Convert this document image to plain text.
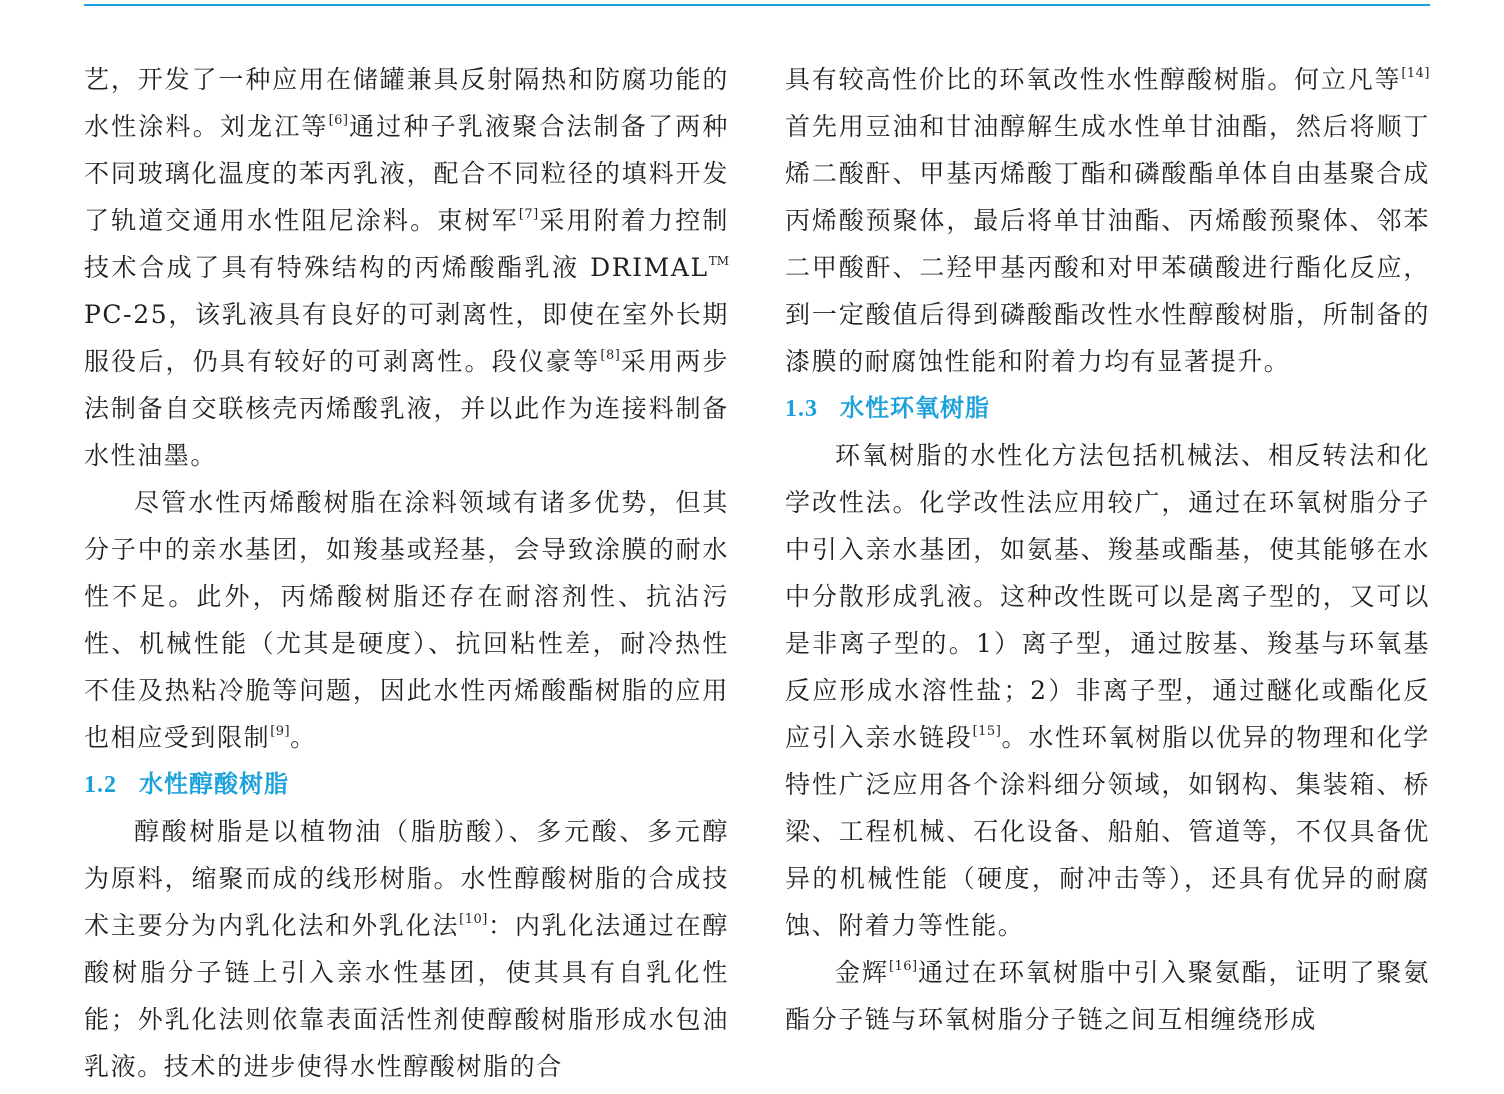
艺，开发了一种应用在储罐兼具反射隔热和防腐功能的水性涂料。刘龙江等[6]通过种子乳液聚合法制备了两种不同玻璃化温度的苯丙乳液，配合不同粒径的填料开发了轨道交通用水性阻尼涂料。束树军[7]采用附着力控制技术合成了具有特殊结构的丙烯酸酯乳液 DRIMAL™ PC-25，该乳液具有良好的可剥离性，即使在室外长期服役后，仍具有较好的可剥离性。段仪豪等[8]采用两步法制备自交联核壳丙烯酸乳液，并以此作为连接料制备水性油墨。

尽管水性丙烯酸树脂在涂料领域有诸多优势，但其分子中的亲水基团，如羧基或羟基，会导致涂膜的耐水性不足。此外，丙烯酸树脂还存在耐溶剂性、抗沾污性、机械性能（尤其是硬度）、抗回粘性差，耐冷热性不佳及热粘冷脆等问题，因此水性丙烯酸酯树脂的应用也相应受到限制[9]。

1.2 水性醇酸树脂

醇酸树脂是以植物油（脂肪酸）、多元酸、多元醇为原料，缩聚而成的线形树脂。水性醇酸树脂的合成技术主要分为内乳化法和外乳化法[10]：内乳化法通过在醇酸树脂分子链上引入亲水性基团，使其具有自乳化性能；外乳化法则依靠表面活性剂使醇酸树脂形成水包油乳液。技术的进步使得水性醇酸树脂的合

具有较高性价比的环氧改性水性醇酸树脂。何立凡等[14]首先用豆油和甘油醇解生成水性单甘油酯，然后将顺丁烯二酸酐、甲基丙烯酸丁酯和磷酸酯单体自由基聚合成丙烯酸预聚体，最后将单甘油酯、丙烯酸预聚体、邻苯二甲酸酐、二羟甲基丙酸和对甲苯磺酸进行酯化反应，到一定酸值后得到磷酸酯改性水性醇酸树脂，所制备的漆膜的耐腐蚀性能和附着力均有显著提升。

1.3 水性环氧树脂

环氧树脂的水性化方法包括机械法、相反转法和化学改性法。化学改性法应用较广，通过在环氧树脂分子中引入亲水基团，如氨基、羧基或酯基，使其能够在水中分散形成乳液。这种改性既可以是离子型的，又可以是非离子型的。1）离子型，通过胺基、羧基与环氧基反应形成水溶性盐；2）非离子型，通过醚化或酯化反应引入亲水链段[15]。水性环氧树脂以优异的物理和化学特性广泛应用各个涂料细分领域，如钢构、集装箱、桥梁、工程机械、石化设备、船舶、管道等，不仅具备优异的机械性能（硬度，耐冲击等），还具有优异的耐腐蚀、附着力等性能。

金辉[16]通过在环氧树脂中引入聚氨酯，证明了聚氨酯分子链与环氧树脂分子链之间互相缠绕形成
